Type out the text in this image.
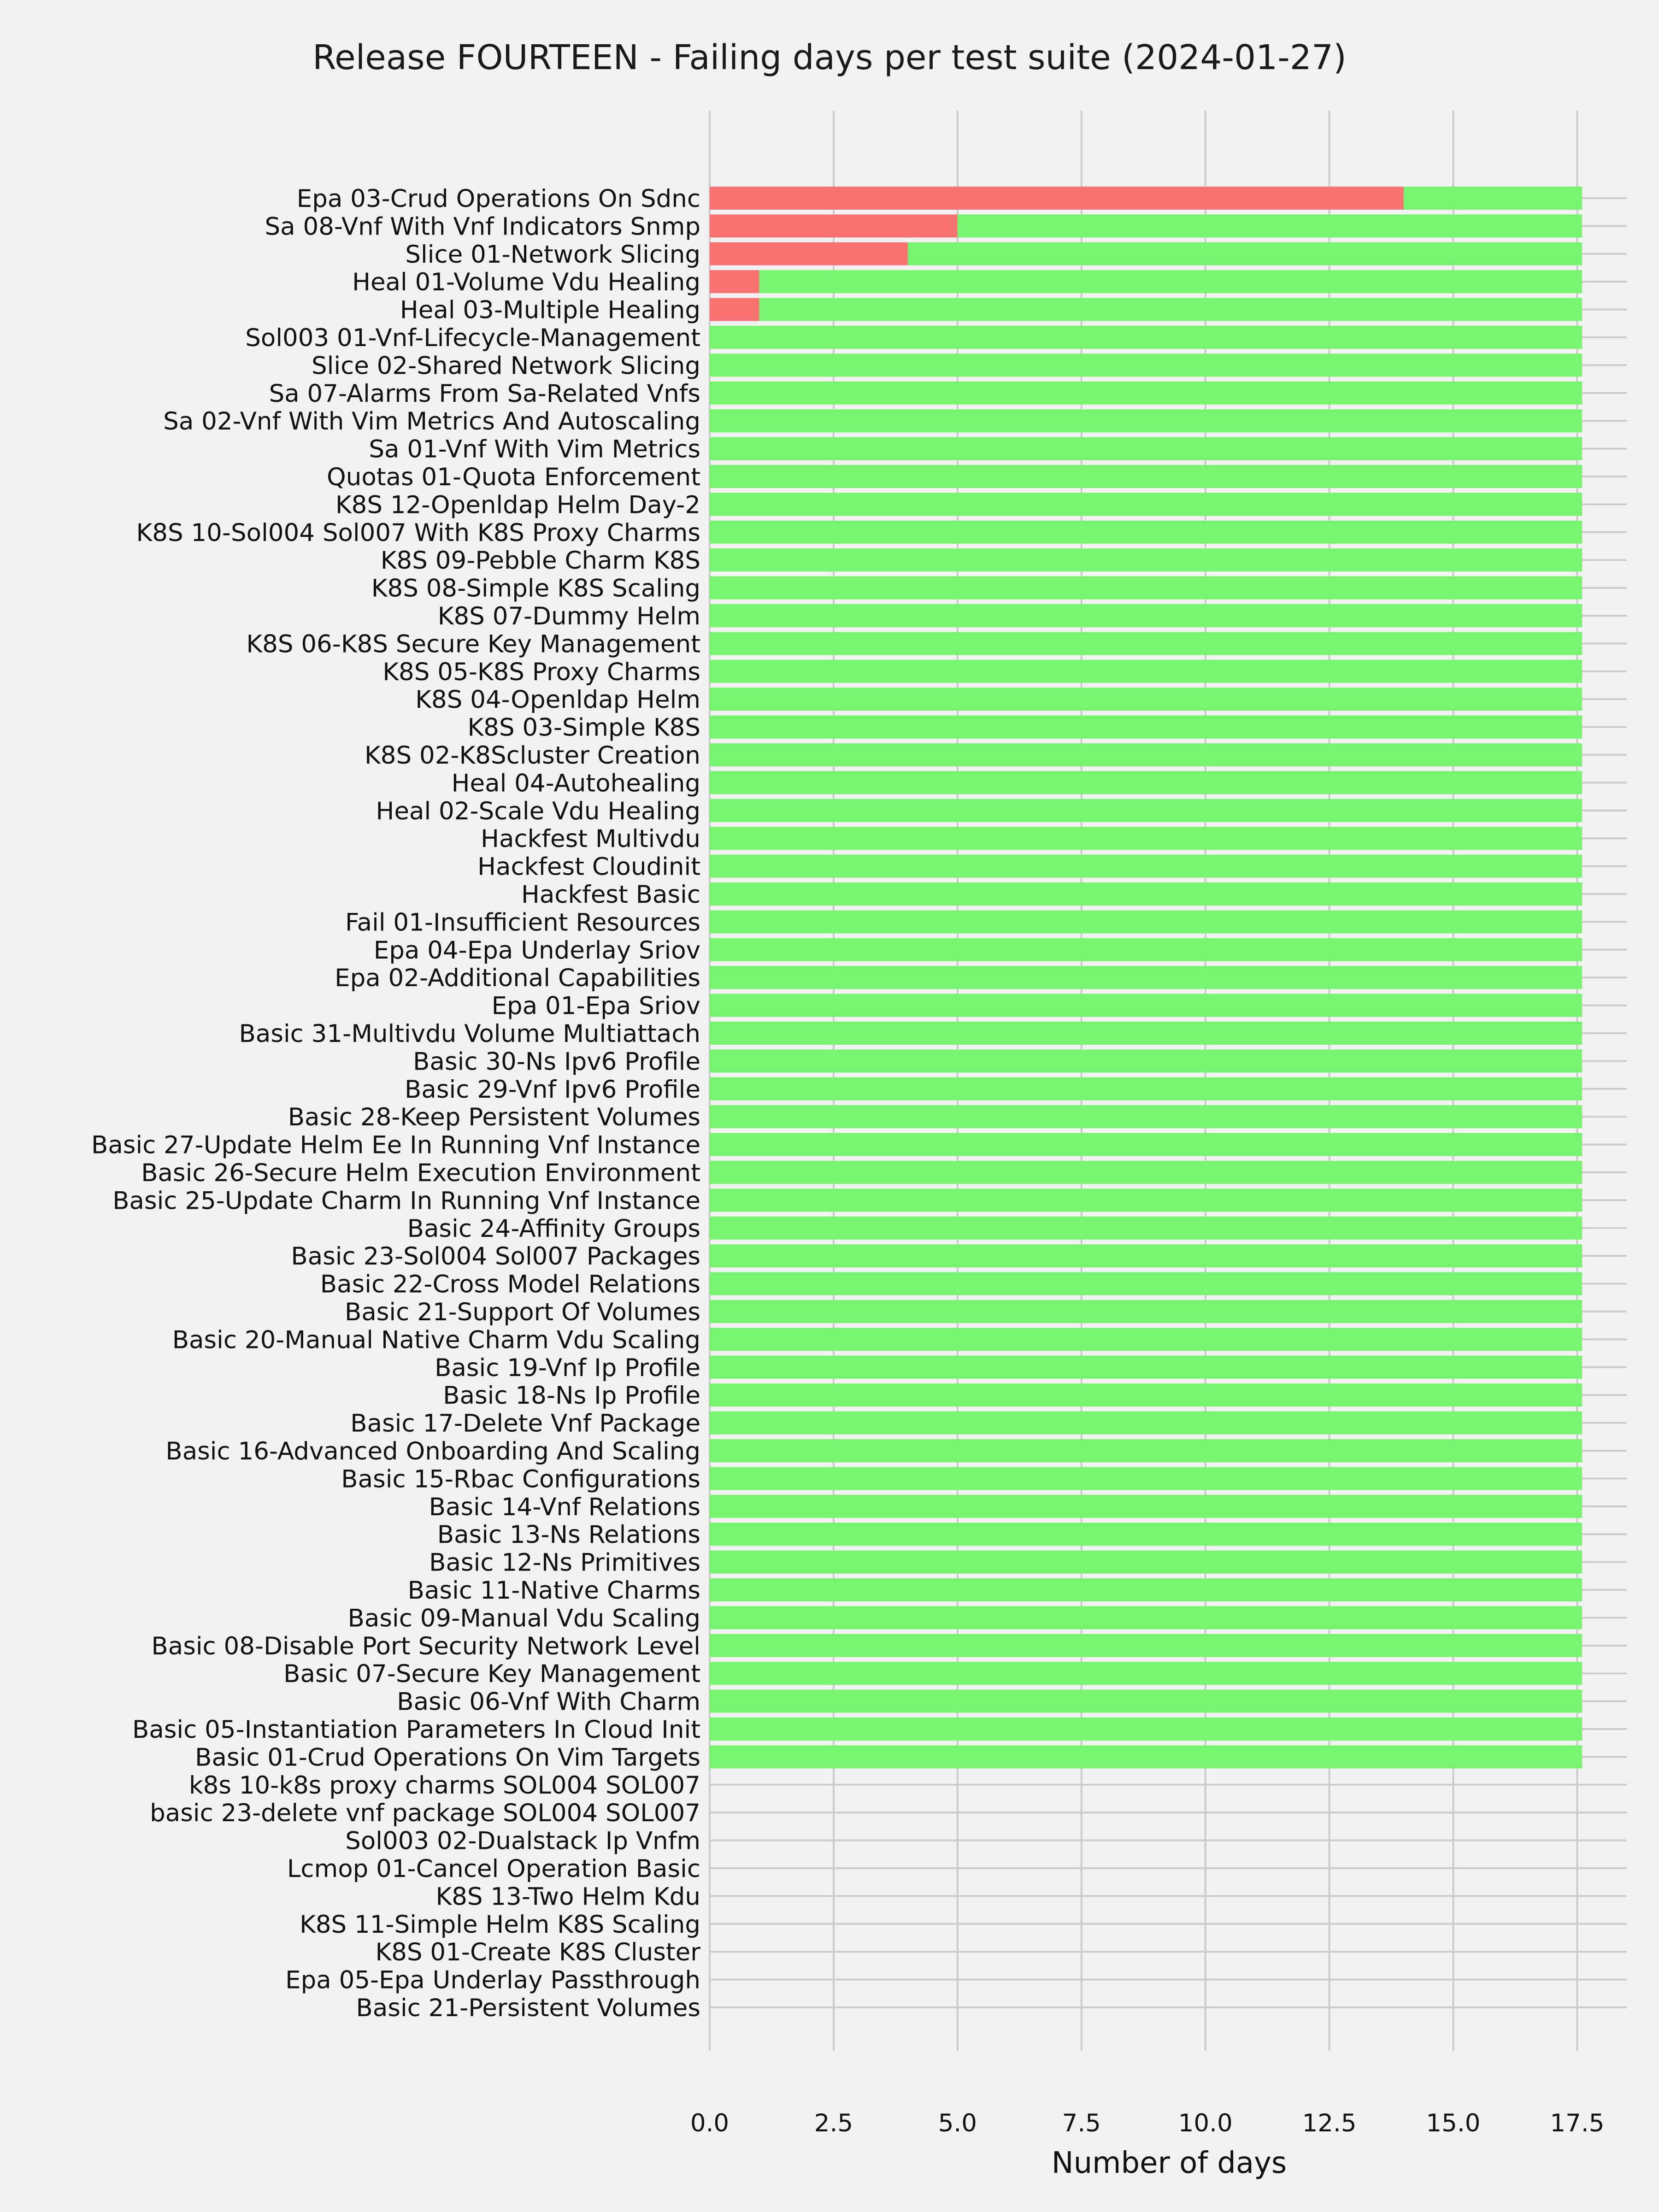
Release FOURTEEN - Failing days per test suite (2024-01-27)
Epa 03-Crud Operations On Sdnc
Sa 08-Vnf With Vnf Indicators Snmp
Slice 01-Network Slicing
Heal 01-Volume Vdu Healing
Heal 03-Multiple Healing
Sol003 01-Vnf-Lifecycle-Management
Slice 02-Shared Network Slicing
Sa 07-Alarms From Sa-Related Vnfs
Sa 02-Vnf With Vim Metrics And Autoscaling
Sa 01-Vnf With Vim Metrics
Quotas 01-Quota Enforcement
K8S 12-Openldap Helm Day-2
K8S 10-Sol004 Sol007 With K8S Proxy Charms
K8S 09-Pebble Charm K8S
K8S 08-Simple K8S Scaling
K8S 07-Dummy Helm
K8S 06-K8S Secure Key Management
K8S 05-K8S Proxy Charms
K8S 04-Openldap Helm
K8S 03-Simple K8S
K8S 02-K8Scluster Creation
Heal 04-Autohealing
Heal 02-Scale Vdu Healing
Hackfest Multivdu
Hackfest Cloudinit
Hackfest Basic
Fail 01-Insufficient Resources
Epa 04-Epa Underlay Sriov
Epa 02-Additional Capabilities
Epa 01-Epa Sriov
Basic 31-Multivdu Volume Multiattach
Basic 30-Ns Ipv6 Profile
Basic 29-Vnf Ipv6 Profile
Basic 28-Keep Persistent Volumes
Basic 27-Update Helm Ee In Running Vnf Instance
Basic 26-Secure Helm Execution Environment
Basic 25-Update Charm In Running Vnf Instance
Basic 24-Affinity Groups
Basic 23-Sol004 Sol007 Packages
Basic 22-Cross Model Relations
Basic 21-Support Of Volumes
Basic 20-Manual Native Charm Vdu Scaling
Basic 19-Vnf Ip Profile
Basic 18-Ns Ip Profile
Basic 17-Delete Vnf Package
Basic 16-Advanced Onboarding And Scaling
Basic 15-Rbac Configurations
Basic 14-Vnf Relations
Basic 13-Ns Relations
Basic 12-Ns Primitives
Basic 11-Native Charms
Basic 09-Manual Vdu Scaling
Basic 08-Disable Port Security Network Level
Basic 07-Secure Key Management
Basic 06-Vnf With Charm
Basic 05-Instantiation Parameters In Cloud Init
Basic 01-Crud Operations On Vim Targets
k8s 10-k8s proxy charms SOL004 SOL007
basic 23-delete vnf package SOL004 SOL007
Sol003 02-Dualstack Ip Vnfm
Lcmop 01-Cancel Operation Basic
K8S 13-Two Helm Kdu
K8S 11-Simple Helm K8S Scaling
K8S 01-Create K8S Cluster
Epa 05-Epa Underlay Passthrough
Basic 21-Persistent Volumes
0.0	2.5	5.0	7.5	10.0	12.5	15.0	17.5
Number of days
